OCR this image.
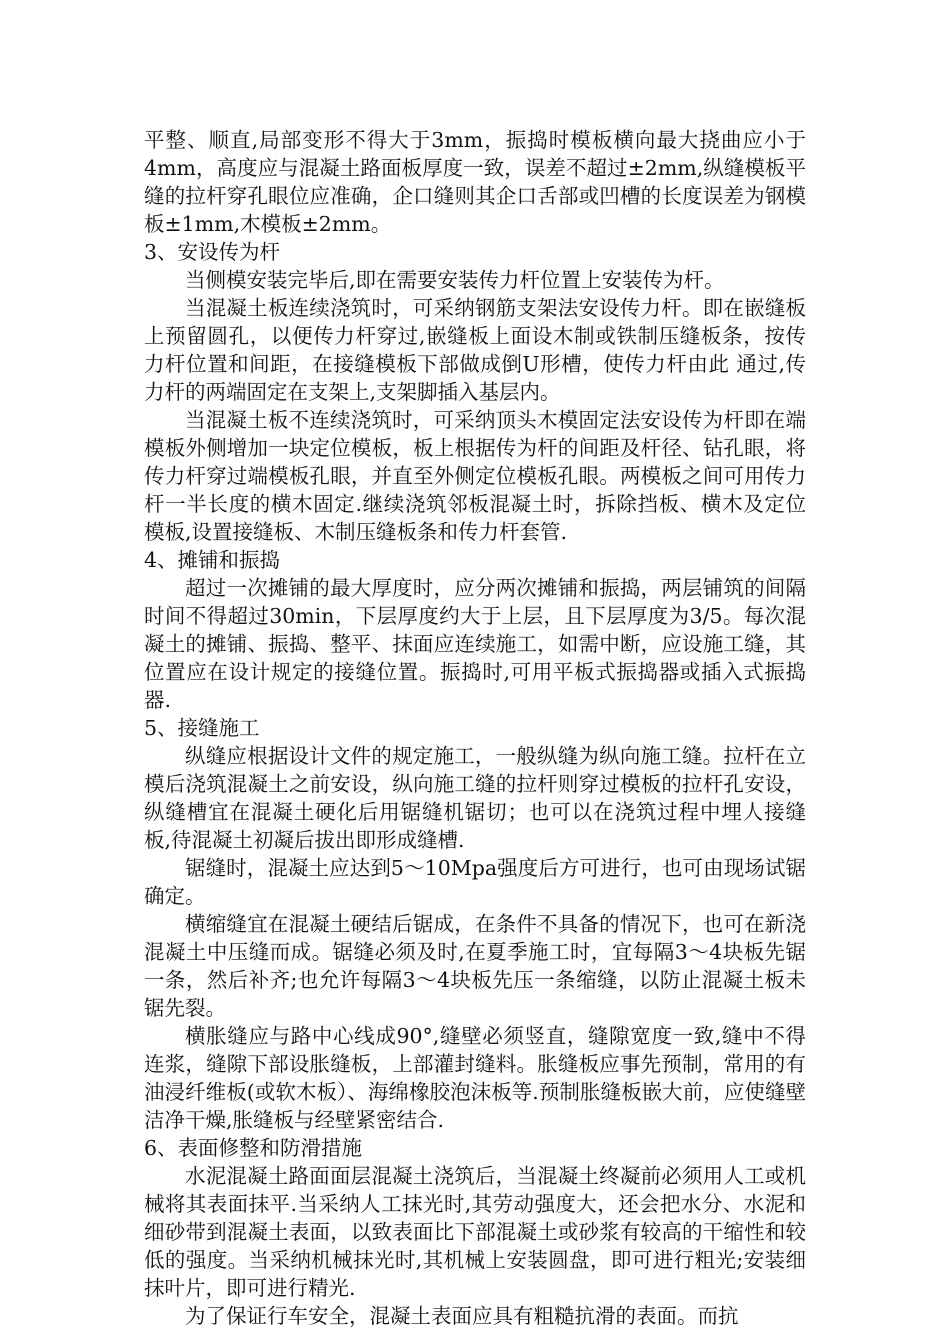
平整、顺直,局部变形不得大于3mm，振捣时模板横向最大挠曲应小于4mm，高度应与混凝土路面板厚度一致，误差不超过±2mm,纵缝模板平缝的拉杆穿孔眼位应准确，企口缝则其企口舌部或凹槽的长度误差为钢模板±1mm,木模板±2mm。

3、安设传为杆

当侧模安装完毕后,即在需要安装传力杆位置上安装传为杆。

当混凝土板连续浇筑时，可采纳钢筋支架法安设传力杆。即在嵌缝板上预留圆孔，以便传力杆穿过,嵌缝板上面设木制或铁制压缝板条，按传力杆位置和间距，在接缝模板下部做成倒U形槽，使传力杆由此 通过,传力杆的两端固定在支架上,支架脚插入基层内。

当混凝土板不连续浇筑时，可采纳顶头木模固定法安设传为杆即在端模板外侧增加一块定位模板，板上根据传为杆的间距及杆径、钻孔眼，将传力杆穿过端模板孔眼，并直至外侧定位模板孔眼。两模板之间可用传力杆一半长度的横木固定.继续浇筑邻板混凝土时，拆除挡板、横木及定位模板,设置接缝板、木制压缝板条和传力杆套管.

4、摊铺和振捣

超过一次摊铺的最大厚度时，应分两次摊铺和振捣，两层铺筑的间隔时间不得超过30min，下层厚度约大于上层，且下层厚度为3/5。每次混凝土的摊铺、振捣、整平、抹面应连续施工，如需中断，应设施工缝，其位置应在设计规定的接缝位置。振捣时,可用平板式振捣器或插入式振捣器.

5、接缝施工

纵缝应根据设计文件的规定施工，一般纵缝为纵向施工缝。拉杆在立模后浇筑混凝土之前安设，纵向施工缝的拉杆则穿过模板的拉杆孔安设，纵缝槽宜在混凝土硬化后用锯缝机锯切；也可以在浇筑过程中埋人接缝板,待混凝土初凝后拔出即形成缝槽.

锯缝时，混凝土应达到5～10Mpa强度后方可进行，也可由现场试锯确定。

横缩缝宜在混凝土硬结后锯成，在条件不具备的情况下，也可在新浇混凝土中压缝而成。锯缝必须及时,在夏季施工时，宜每隔3～4块板先锯一条，然后补齐;也允许每隔3～4块板先压一条缩缝，以防止混凝土板未锯先裂。

横胀缝应与路中心线成90°,缝壁必须竖直，缝隙宽度一致,缝中不得连浆，缝隙下部设胀缝板，上部灌封缝料。胀缝板应事先预制，常用的有油浸纤维板(或软木板）、海绵橡胶泡沫板等.预制胀缝板嵌大前，应使缝壁洁净干燥,胀缝板与经壁紧密结合.

6、表面修整和防滑措施

水泥混凝土路面面层混凝土浇筑后，当混凝土终凝前必须用人工或机械将其表面抹平.当采纳人工抹光时,其劳动强度大，还会把水分、水泥和细砂带到混凝土表面，以致表面比下部混凝土或砂浆有较高的干缩性和较低的强度。当采纳机械抹光时,其机械上安装圆盘，即可进行粗光;安装细抹叶片，即可进行精光.

为了保证行车安全，混凝土表面应具有粗糙抗滑的表面。而抗
